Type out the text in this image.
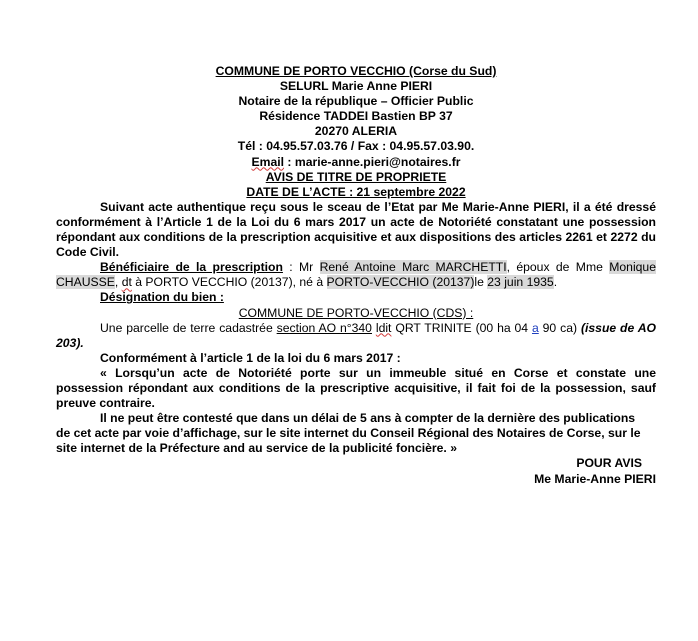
COMMUNE DE PORTO VECCHIO (Corse du Sud)

SELURL Marie Anne PIERI

Notaire de la république – Officier Public

Résidence TADDEI Bastien BP 37

20270 ALERIA

Tél : 04.95.57.03.76 / Fax : 04.95.57.03.90.

Email : marie-anne.pieri@notaires.fr

AVIS DE TITRE DE PROPRIETE

DATE DE L’ACTE : 21 septembre 2022

Suivant acte authentique reçu sous le sceau de l’Etat par Me Marie-Anne PIERI, il a été dressé conformément à l’Article 1 de la Loi du 6 mars 2017 un acte de Notoriété constatant une possession répondant aux conditions de la prescription acquisitive et aux dispositions des articles 2261 et 2272 du Code Civil.

Bénéficiaire de la prescription : Mr René Antoine Marc MARCHETTI, époux de Mme Monique CHAUSSE, dt à PORTO VECCHIO (20137), né à PORTO-VECCHIO (20137)le 23 juin 1935.

Désignation du bien :

COMMUNE DE PORTO-VECCHIO (CDS) :

Une parcelle de terre cadastrée section AO n°340 ldit QRT TRINITE (00 ha 04 a 90 ca) (issue de AO 203).

Conformément à l’article 1 de la loi du 6 mars 2017 :

« Lorsqu’un acte de Notoriété porte sur un immeuble situé en Corse et constate une possession répondant aux conditions de la prescriptive acquisitive, il fait foi de la possession, sauf preuve contraire.

Il ne peut être contesté que dans un délai de 5 ans à compter de la dernière des publications de cet acte par voie d’affichage, sur le site internet du Conseil Régional des Notaires de Corse, sur le site internet de la Préfecture and au service de la publicité foncière. »

POUR AVIS

Me Marie-Anne PIERI
